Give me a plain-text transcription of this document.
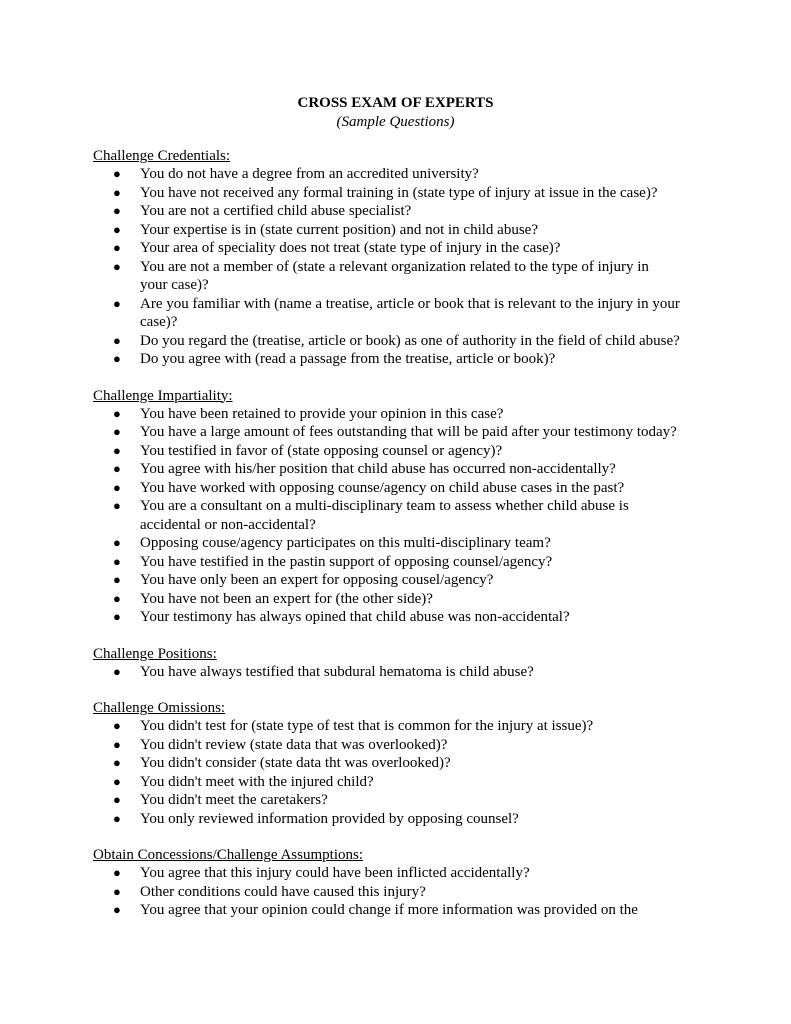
CROSS EXAM OF EXPERTS
(Sample Questions)
Challenge Credentials:
● You do not have a degree from an accredited university?
● You have not received any formal training in (state type of injury at issue in the case)?
● You are not a certified child abuse specialist?
● Your expertise is in (state current position) and not in child abuse?
● Your area of speciality does not treat (state type of injury in the case)?
● You are not a member of (state a relevant organization related to the type of injury in your case)?
● Are you familiar with (name a treatise, article or book that is relevant to the injury in your case)?
● Do you regard the (treatise, article or book) as one of authority in the field of child abuse?
● Do you agree with (read a passage from the treatise, article or book)?
Challenge Impartiality:
● You have been retained to provide your opinion in this case?
● You have a large amount of fees outstanding that will be paid after your testimony today?
● You testified in favor of (state opposing counsel or agency)?
● You agree with his/her position that child abuse has occurred non-accidentally?
● You have worked with opposing counse/agency on child abuse cases in the past?
● You are a consultant on a multi-disciplinary team to assess whether child abuse is accidental or non-accidental?
● Opposing couse/agency participates on this multi-disciplinary team?
● You have testified in the pastin support of opposing counsel/agency?
● You have only been an expert for opposing cousel/agency?
● You have not been an expert for (the other side)?
● Your testimony has always opined that child abuse was non-accidental?
Challenge Positions:
● You have always testified that subdural hematoma is child abuse?
Challenge Omissions:
● You didn't test for (state type of test that is common for the injury at issue)?
● You didn't review (state data that was overlooked)?
● You didn't consider (state data tht was overlooked)?
● You didn't meet with the injured child?
● You didn't meet the caretakers?
● You only reviewed information provided by opposing counsel?
Obtain Concessions/Challenge Assumptions:
● You agree that this injury could have been inflicted accidentally?
● Other conditions could have caused this injury?
● You agree that your opinion could change if more information was provided on the
